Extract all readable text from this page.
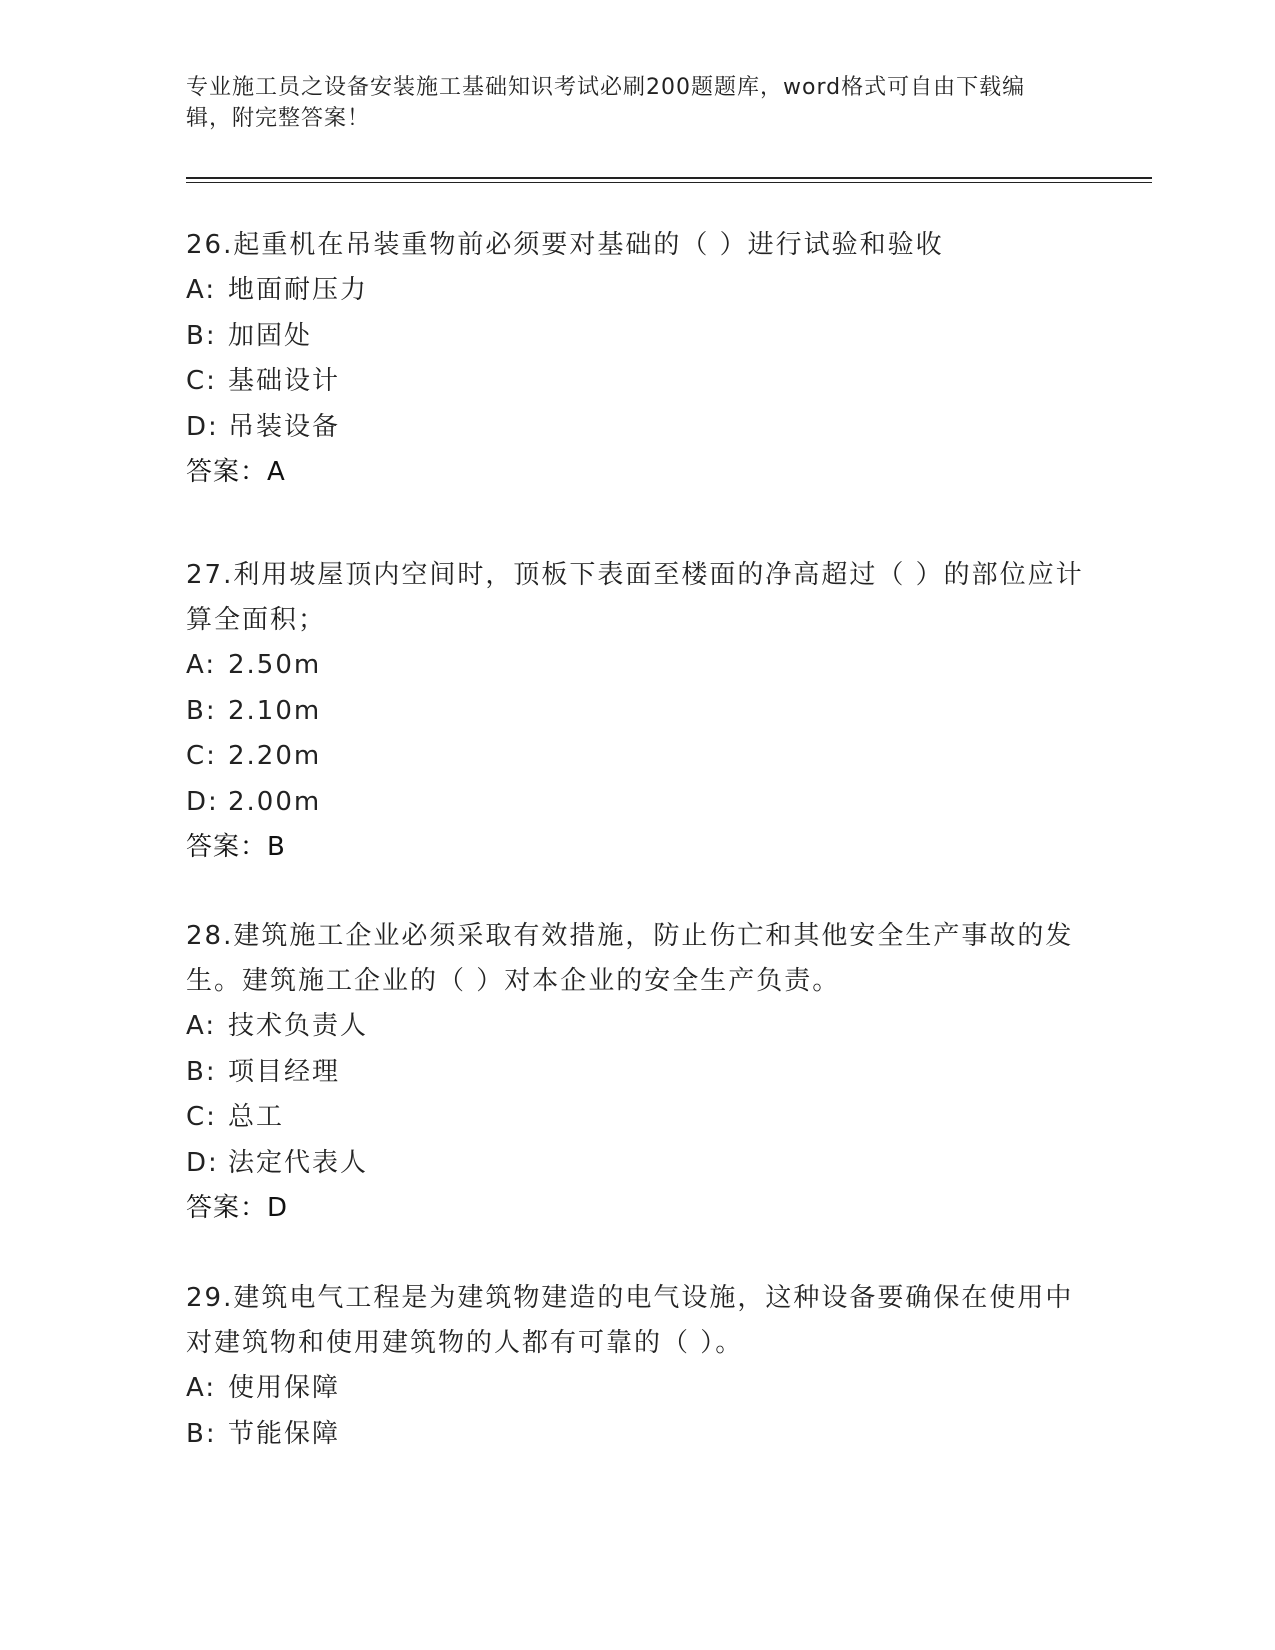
专业施工员之设备安装施工基础知识考试必刷200题题库，word格式可自由下载编辑，附完整答案！
26.起重机在吊装重物前必须要对基础的（ ）进行试验和验收
A: 地面耐压力
B: 加固处
C: 基础设计
D: 吊装设备
答案：A
27.利用坡屋顶内空间时，顶板下表面至楼面的净高超过（ ）的部位应计算全面积；
A: 2.50m
B: 2.10m
C: 2.20m
D: 2.00m
答案：B
28.建筑施工企业必须采取有效措施，防止伤亡和其他安全生产事故的发生。建筑施工企业的（ ）对本企业的安全生产负责。
A: 技术负责人
B: 项目经理
C: 总工
D: 法定代表人
答案：D
29.建筑电气工程是为建筑物建造的电气设施，这种设备要确保在使用中对建筑物和使用建筑物的人都有可靠的（ ）。
A: 使用保障
B: 节能保障
